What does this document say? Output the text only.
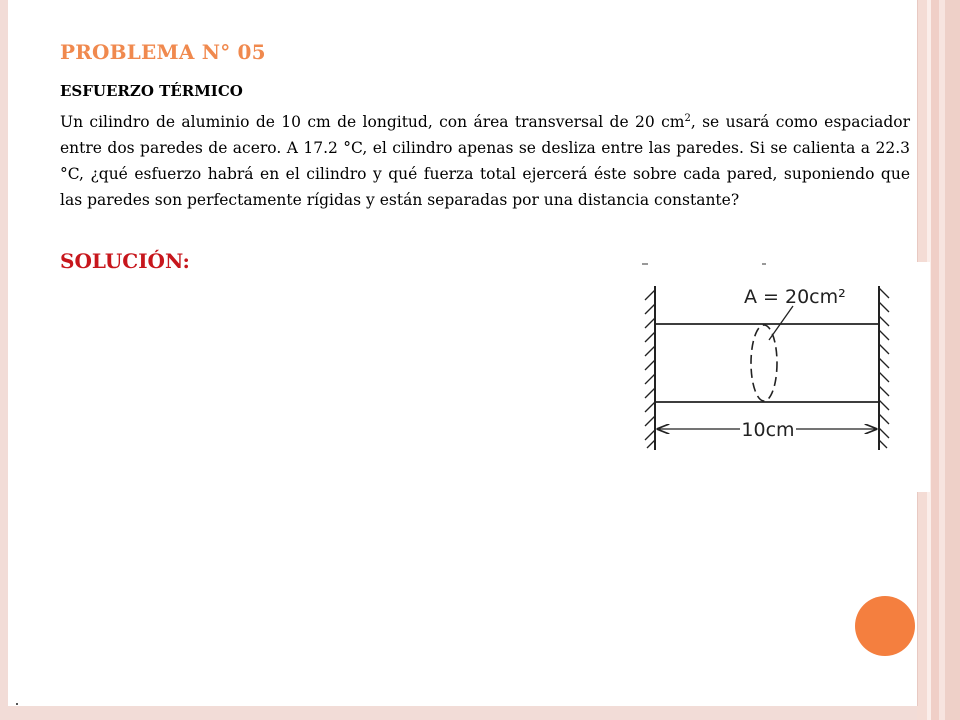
PROBLEMA N° 05
ESFUERZO TÉRMICO
Un cilindro de aluminio de 10 cm de longitud, con área transversal de 20 $cm^2$, se usará como espaciador entre dos paredes de acero. A 17.2 °C, el cilindro apenas se desliza entre las paredes. Si se calienta a 22.3 °C, ¿qué esfuerzo habrá en el cilindro y qué fuerza total ejercerá éste sobre cada pared, suponiendo que las paredes son perfectamente rígidas y están separadas por una distancia constante?
SOLUCIÓN:
A = 20cm²
10cm
